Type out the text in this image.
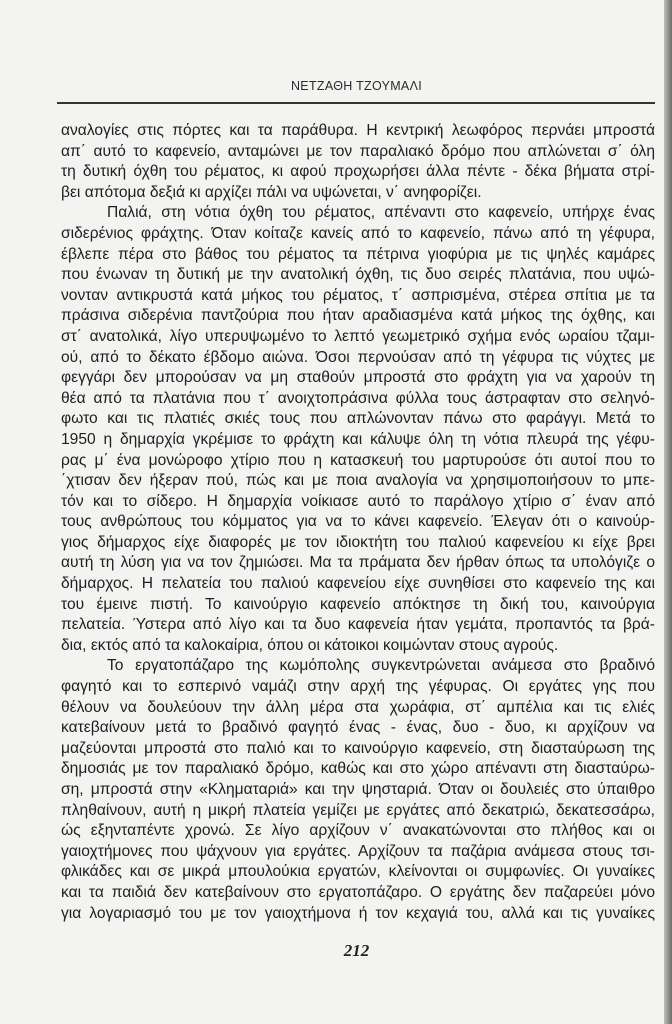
ΝΕΤΖΑΘΗ ΤΖΟΥΜΑΛΙ
αναλογίες στις πόρτες και τα παράθυρα. Η κεντρική λεωφόρος περνάει μπροστά
απ΄ αυτό το καφενείο, ανταμώνει με τον παραλιακό δρόμο που απλώνεται σ΄ όλη
τη δυτική όχθη του ρέματος, κι αφού προχωρήσει άλλα πέντε - δέκα βήματα στρί-
βει απότομα δεξιά κι αρχίζει πάλι να υψώνεται, ν΄ ανηφορίζει.
Παλιά, στη νότια όχθη του ρέματος, απέναντι στο καφενείο, υπήρχε ένας
σιδερένιος φράχτης. Όταν κοίταζε κανείς από το καφενείο, πάνω από τη γέφυρα,
έβλεπε πέρα στο βάθος του ρέματος τα πέτρινα γιοφύρια με τις ψηλές καμάρες
που ένωναν τη δυτική με την ανατολική όχθη, τις δυο σειρές πλατάνια, που υψώ-
νονταν αντικρυστά κατά μήκος του ρέματος, τ΄ ασπρισμένα, στέρεα σπίτια με τα
πράσινα σιδερένια παντζούρια που ήταν αραδιασμένα κατά μήκος της όχθης, και
στ΄ ανατολικά, λίγο υπερυψωμένο το λεπτό γεωμετρικό σχήμα ενός ωραίου τζαμι-
ού, από το δέκατο έβδομο αιώνα. Όσοι περνούσαν από τη γέφυρα τις νύχτες με
φεγγάρι δεν μπορούσαν να μη σταθούν μπροστά στο φράχτη για να χαρούν τη
θέα από τα πλατάνια που τ΄ ανοιχτοπράσινα φύλλα τους άστραφταν στο σεληνό-
φωτο και τις πλατιές σκιές τους που απλώνονταν πάνω στο φαράγγι. Μετά το
1950 η δημαρχία γκρέμισε το φράχτη και κάλυψε όλη τη νότια πλευρά της γέφυ-
ρας μ΄ ένα μονώροφο χτίριο που η κατασκευή του μαρτυρούσε ότι αυτοί που το
΄χτισαν δεν ήξεραν πού, πώς και με ποια αναλογία να χρησιμοποιήσουν το μπε-
τόν και το σίδερο. Η δημαρχία νοίκιασε αυτό το παράλογο χτίριο σ΄ έναν από
τους ανθρώπους του κόμματος για να το κάνει καφενείο. Έλεγαν ότι ο καινούρ-
γιος δήμαρχος είχε διαφορές με τον ιδιοκτήτη του παλιού καφενείου κι είχε βρει
αυτή τη λύση για να τον ζημιώσει. Μα τα πράματα δεν ήρθαν όπως τα υπολόγιζε ο
δήμαρχος. Η πελατεία του παλιού καφενείου είχε συνηθίσει στο καφενείο της και
του έμεινε πιστή. Το καινούργιο καφενείο απόκτησε τη δική του, καινούργια
πελατεία. Ύστερα από λίγο και τα δυο καφενεία ήταν γεμάτα, προπαντός τα βρά-
δια, εκτός από τα καλοκαίρια, όπου οι κάτοικοι κοιμώνταν στους αγρούς.
Το εργατοπάζαρο της κωμόπολης συγκεντρώνεται ανάμεσα στο βραδινό
φαγητό και το εσπερινό ναμάζι στην αρχή της γέφυρας. Οι εργάτες γης που
θέλουν να δουλεύουν την άλλη μέρα στα χωράφια, στ΄ αμπέλια και τις ελιές
κατεβαίνουν μετά το βραδινό φαγητό ένας - ένας, δυο - δυο, κι αρχίζουν να
μαζεύονται μπροστά στο παλιό και το καινούργιο καφενείο, στη διασταύρωση της
δημοσιάς με τον παραλιακό δρόμο, καθώς και στο χώρο απέναντι στη διασταύρω-
ση, μπροστά στην «Κληματαριά» και την ψησταριά. Όταν οι δουλειές στο ύπαιθρο
πληθαίνουν, αυτή η μικρή πλατεία γεμίζει με εργάτες από δεκατριώ, δεκατεσσάρω,
ώς εξηνταπέντε χρονώ. Σε λίγο αρχίζουν ν΄ ανακατώνονται στο πλήθος και οι
γαιοχτήμονες που ψάχνουν για εργάτες. Αρχίζουν τα παζάρια ανάμεσα στους τσι-
φλικάδες και σε μικρά μπουλούκια εργατών, κλείνονται οι συμφωνίες. Οι γυναίκες
και τα παιδιά δεν κατεβαίνουν στο εργατοπάζαρο. Ο εργάτης δεν παζαρεύει μόνο
για λογαριασμό του με τον γαιοχτήμονα ή τον κεχαγιά του, αλλά και τις γυναίκες
212
